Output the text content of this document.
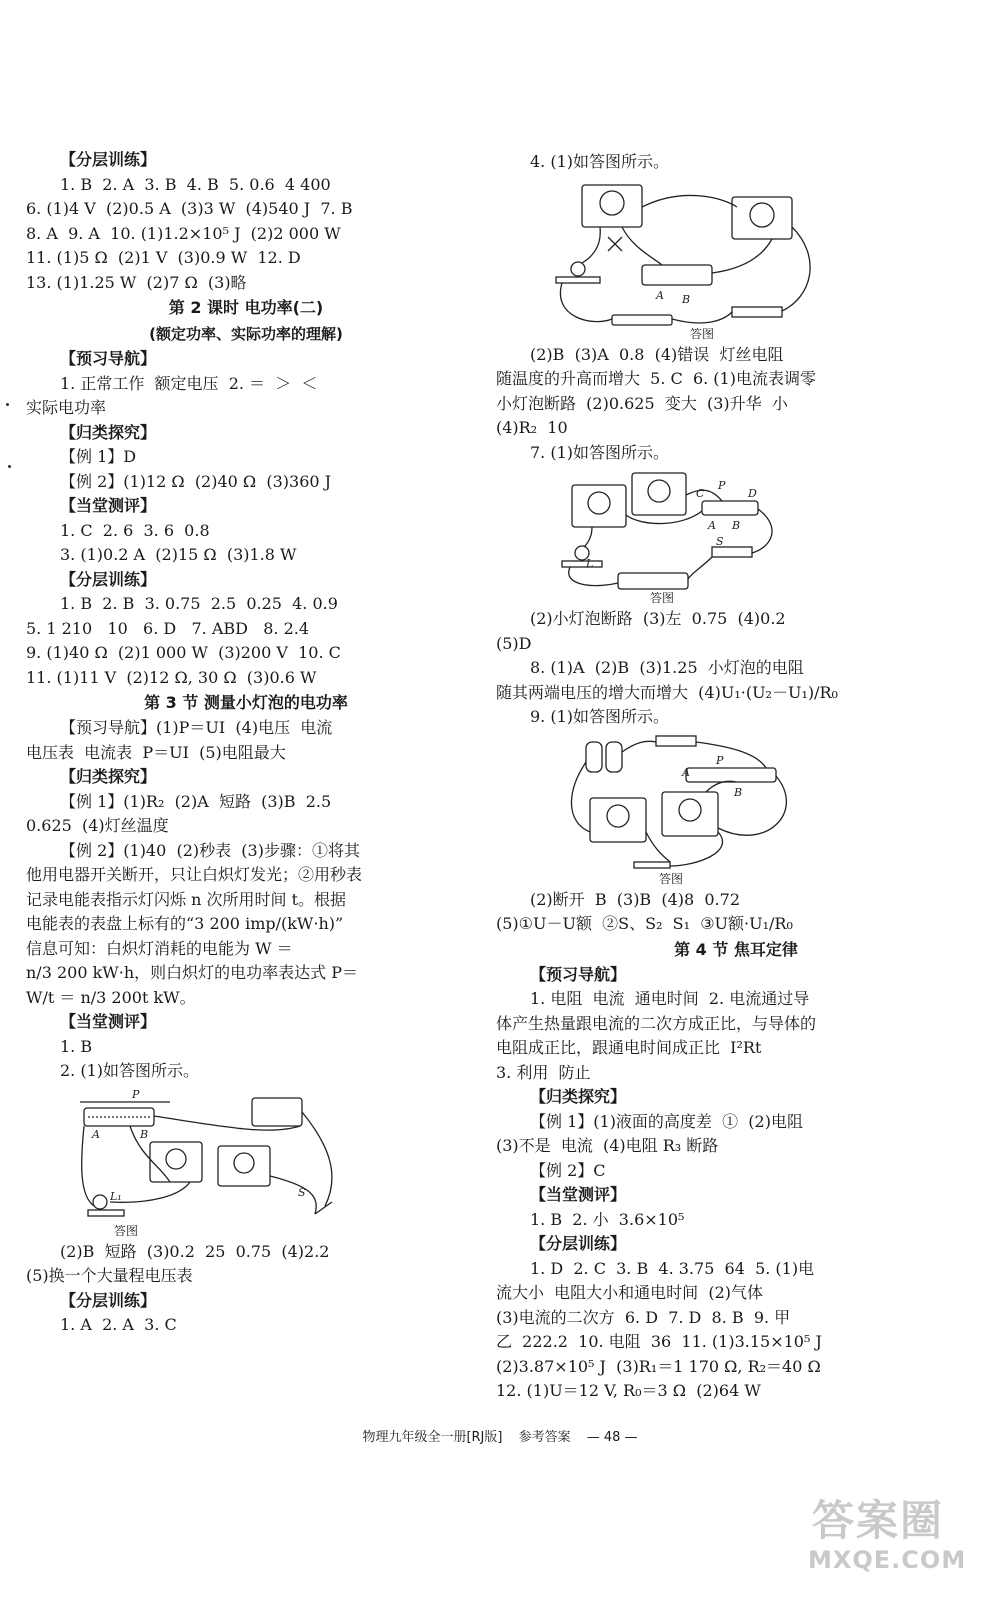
【分层训练】

1. B  2. A  3. B  4. B  5. 0.6  4 400

6. (1)4 V  (2)0.5 A  (3)3 W  (4)540 J  7. B

8. A  9. A  10. (1)1.2×10⁵ J  (2)2 000 W

11. (1)5 Ω  (2)1 V  (3)0.9 W  12. D

13. (1)1.25 W  (2)7 Ω  (3)略

第 2 课时 电功率(二)

(额定功率、实际功率的理解)

【预习导航】

1. 正常工作  额定电压  2. ＝  ＞  ＜

实际电功率

【归类探究】

【例 1】D

【例 2】(1)12 Ω  (2)40 Ω  (3)360 J

【当堂测评】

1. C  2. 6  3. 6  0.8

3. (1)0.2 A  (2)15 Ω  (3)1.8 W

【分层训练】

1. B  2. B  3. 0.75  2.5  0.25  4. 0.9

5. 1 210   10   6. D   7. ABD   8. 2.4

9. (1)40 Ω  (2)1 000 W  (3)200 V  10. C

11. (1)11 V  (2)12 Ω, 30 Ω  (3)0.6 W

第 3 节 测量小灯泡的电功率

【预习导航】(1)P＝UI  (4)电压  电流

电压表  电流表  P＝UI  (5)电阻最大

【归类探究】

【例 1】(1)R₂  (2)A  短路  (3)B  2.5

0.625  (4)灯丝温度

【例 2】(1)40  (2)秒表  (3)步骤：①将其

他用电器开关断开，只让白炽灯发光；②用秒表

记录电能表指示灯闪烁 n 次所用时间 t。根据

电能表的表盘上标有的“3 200 imp/(kW·h)”

信息可知：白炽灯消耗的电能为 W ＝

n/3 200 kW·h，则白炽灯的电功率表达式 P＝

W/t ＝ n/3 200t kW。

【当堂测评】

1. B

2. (1)如答图所示。

P
A	B
L₁	S
答图

(2)B  短路  (3)0.2  25  0.75  (4)2.2

(5)换一个大量程电压表

【分层训练】

1. A  2. A  3. C

4. (1)如答图所示。

A B
答图

(2)B  (3)A  0.8  (4)错误  灯丝电阻

随温度的升高而增大  5. C  6. (1)电流表调零

小灯泡断路  (2)0.625  变大  (3)升华  小

(4)R₂  10

7. (1)如答图所示。

C
P
D
A B
S
L
答图

(2)小灯泡断路  (3)左  0.75  (4)0.2

(5)D

8. (1)A  (2)B  (3)1.25  小灯泡的电阻

随其两端电压的增大而增大  (4)U₁·(U₂－U₁)/R₀

9. (1)如答图所示。

P
A
B
答图

(2)断开  B  (3)B  (4)8  0.72

(5)①U－U额  ②S、S₂  S₁  ③U额·U₁/R₀

第 4 节 焦耳定律

【预习导航】

1. 电阻  电流  通电时间  2. 电流通过导

体产生热量跟电流的二次方成正比，与导体的

电阻成正比，跟通电时间成正比  I²Rt

3. 利用  防止

【归类探究】

【例 1】(1)液面的高度差  ①  (2)电阻

(3)不是  电流  (4)电阻 R₃ 断路

【例 2】C

【当堂测评】

1. B  2. 小  3.6×10⁵

【分层训练】

1. D  2. C  3. B  4. 3.75  64  5. (1)电

流大小  电阻大小和通电时间  (2)气体

(3)电流的二次方  6. D  7. D  8. B  9. 甲

乙  222.2  10. 电阻  36  11. (1)3.15×10⁵ J

(2)3.87×10⁵ J  (3)R₁＝1 170 Ω, R₂＝40 Ω

12. (1)U＝12 V, R₀＝3 Ω  (2)64 W

物理九年级全一册[RJ版] 参考答案 — 48 —
答案圈
MXQE.COM
